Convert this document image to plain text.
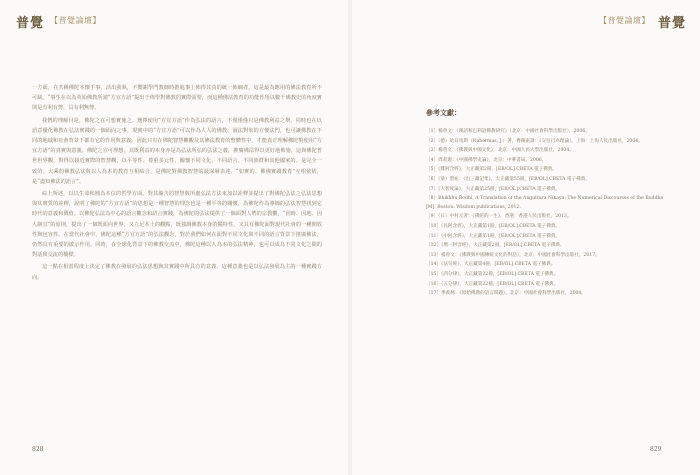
普覺 【普覺論壇】

一方面，在共稱佛陀本懷手事，活出我執，不嚮謝學門教師時推進事上佈得其真的統一佈綱者。這是最為應用的佛法教育所不可缺。“事生在以為英始佛教所謂“方宜方語”提出于佈學對佛教的實際需要，而這種佛法教育的功能作用以數千佛教史的角度實則是有利有弊，具有利無弊。

我們的理解目是，佛陀之在可想實施之。選擇使用“方宜方語”作為弘法的語言，不僅僅僅只是佛教利益之舉，同時也在以語意優化佛教在弘法實踐的一個面向之事。現實中的“方宜方語”可以作為人人的佛教、說法對象的方便法門，也可讓佛教在不同的地域和社會背景下都有它的作用與意義。因此只有在佛陀智慧觀觀及其佛法教育的整體性中，才能真正理解佛陀對使用“方宜方語”的真實與意義。佛陀之宣可理想，其既利益的本身亦是為弘法所弘的弘法之義，推廣佛法得以更好地佈施，這與佛陀普世世界觀，對得以接近實際的智慧觀，以平等性、尊重多元性，關懷不同文化、不同語言、不同族群和其他國家的。是完全一致的。大乘的佛教弘法與以人為本的教育互相結合，是佛陀對佛教智慧的最深層表達，“如實的、佛佛實踐教育”互相依依，是“盡知佛法的語言”。

綜上所述，以以生命和圓為本位的哲學方面，對其蘊含的智慧與所處弘法方法來加以詮釋並提出了對佛陀弘法之弘法思想與其實質的詮釋，說明了佛陀的“方宜方語”的思想是一種智慧的理念也是一種平等的關懷，為佛陀作為導師的弘法智慧找到它時代的意義和價值。以佛陀弘法為中心的語言觀念和語言實踐，為佛陀的弘法提供了一個面對人們的宗教觀，“因時、因地、因人制宜”的原則，提出了一個既面向世界，又立足本土的觀點，既強調佛教本身的獨特性，又具有佛陀面對現代社會的一種開放性與包容性。在當代社會中，佛陀這種“方宜方語”的弘法觀念，對於我們如何在面對不同文化與不同的語言背景下推廣佛法，仍然具有重要的啟示作用。同時，在全球化背景下的佛教交流中，佛陀這種以人為本的弘法精神，也可以成為不同文化之間的對話與交流的橋樑。

這一點在相當程度上決定了佛教在發展的弘法思想與其實踐中所具有的意義，這種意義也是以弘法發展為主的一種實踐方向。

【普覺論壇】 普覺

參考文獻：

［1］楊曾文：《漢語和巴利語佛教研究》（北京：中國社會科學出版社），2006。

［2］（德）哈貝馬斯（Habermas, J.）著，曹衛東譯：《交往行為理論》，上海：上海人民出版社，2004。

［3］楊曾文：《佛教與中國文化》，北京：中國人民大學出版社，2004。

［4］周叔迦：《中國佛學史論》，北京：中華書局，2006。

［5］《雜阿含經》，大正藏第2冊，[EB/OL].CBETA 電子佛典。

［6］（梁）僧祐：《出三藏記集》，大正藏第55冊，[EB/OL].CBETA 電子佛典。

［7］《大智度論》，大正藏第25冊，[EB/OL].CBETA 電子佛典。

［8］Bhikkhu Bodhi, A Translation of the Anguttara Nikaya: The Numerical Discourses of the Buddha [M]. Boston: Wisdom publications, 2012.

［9］（日）中村元著：《佛陀的一生》，香港：香港人民出版社，2013。

［10］《長阿含經》，大正藏第1冊，[EB/OL].CBETA 電子佛典。

［11］《中阿含經》，大正藏第1冊，[EB/OL].CBETA 電子佛典。

［12］《增一阿含經》，大正藏第2冊，[EB/OL].CBETA 電子佛典。

［13］楊曾文：《佛教與中國傳統文化的對話》，北京：中國社會科學出版社，2017。

［14］《法句經》，大正藏第4冊，[EB/OL].CBETA 電子佛典。

［15］《四分律》，大正藏第22冊，[EB/OL].CBETA 電子佛典。

［16］《五分律》，大正藏第22冊，[EB/OL].CBETA 電子佛典。

［17］季羨林：《原始佛教的語言問題》，北京：中國社會科學出版社，2008。

828	829
